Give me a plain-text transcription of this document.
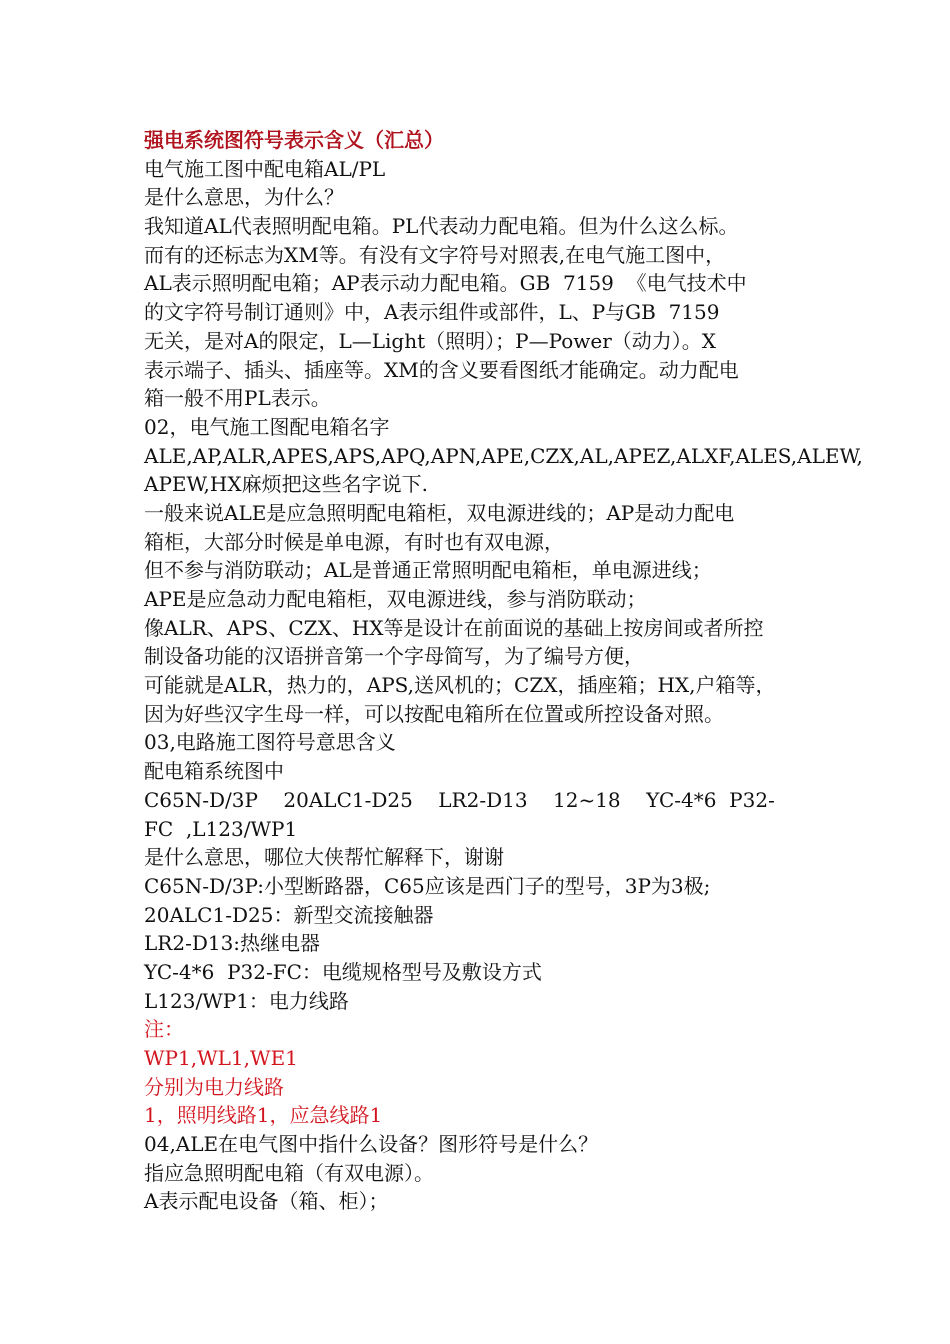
强电系统图符号表示含义（汇总）
电气施工图中配电箱AL/PL
是什么意思，为什么？
我知道AL代表照明配电箱。PL代表动力配电箱。但为什么这么标。
而有的还标志为XM等。有没有文字符号对照表,在电气施工图中，
AL表示照明配电箱；AP表示动力配电箱。GB  7159  《电气技术中
的文字符号制订通则》中，A表示组件或部件，L、P与GB  7159
无关，是对A的限定，L—Light（照明）；P—Power（动力）。X
表示端子、插头、插座等。XM的含义要看图纸才能确定。动力配电
箱一般不用PL表示。
02，电气施工图配电箱名字
ALE,AP,ALR,APES,APS,APQ,APN,APE,CZX,AL,APEZ,ALXF,ALES,ALEW,
APEW,HX麻烦把这些名字说下.
一般来说ALE是应急照明配电箱柜，双电源进线的；AP是动力配电
箱柜，大部分时候是单电源，有时也有双电源，
但不参与消防联动；AL是普通正常照明配电箱柜，单电源进线；
APE是应急动力配电箱柜，双电源进线，参与消防联动；
像ALR、APS、CZX、HX等是设计在前面说的基础上按房间或者所控
制设备功能的汉语拼音第一个字母简写，为了编号方便，
可能就是ALR，热力的，APS,送风机的；CZX，插座箱；HX,户箱等，
因为好些汉字生母一样，可以按配电箱所在位置或所控设备对照。
03,电路施工图符号意思含义
配电箱系统图中
C65N-D/3P    20ALC1-D25    LR2-D13    12~18    YC-4*6  P32-
FC  ,L123/WP1
是什么意思，哪位大侠帮忙解释下，谢谢
C65N-D/3P:小型断路器，C65应该是西门子的型号，3P为3极;
20ALC1-D25：新型交流接触器
LR2-D13:热继电器
YC-4*6  P32-FC：电缆规格型号及敷设方式
L123/WP1：电力线路
注：
WP1,WL1,WE1
分别为电力线路
1，照明线路1，应急线路1
04,ALE在电气图中指什么设备？图形符号是什么？
指应急照明配电箱（有双电源）。
A表示配电设备（箱、柜）；
